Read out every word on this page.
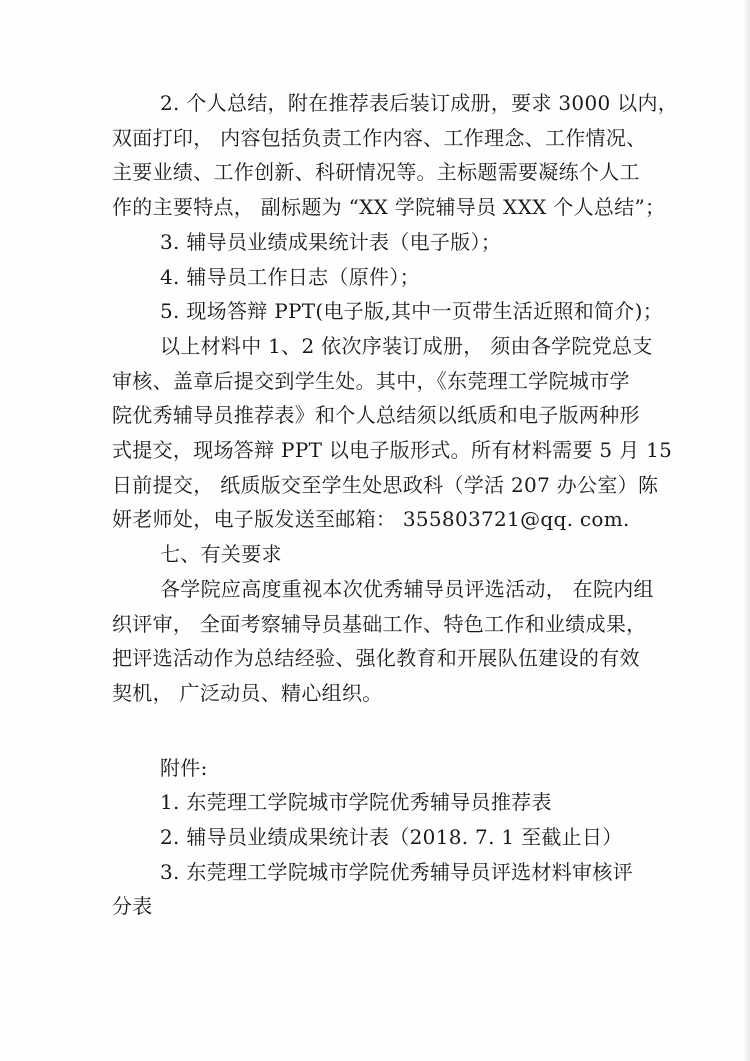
2. 个人总结，附在推荐表后装订成册，要求 3000 以内，
双面打印， 内容包括负责工作内容、工作理念、工作情况、
主要业绩、工作创新、科研情况等。主标题需要凝练个人工
作的主要特点， 副标题为 “XX 学院辅导员 XXX 个人总结”；
3. 辅导员业绩成果统计表（电子版）；
4. 辅导员工作日志（原件）；
5. 现场答辩 PPT(电子版,其中一页带生活近照和简介)；
以上材料中 1、2 依次序装订成册， 须由各学院党总支
审核、盖章后提交到学生处。其中，《东莞理工学院城市学
院优秀辅导员推荐表》和个人总结须以纸质和电子版两种形
式提交，现场答辩 PPT 以电子版形式。所有材料需要 5 月 15
日前提交， 纸质版交至学生处思政科（学活 207 办公室）陈
妍老师处，电子版发送至邮箱： 355803721@qq. com.
七、有关要求
各学院应高度重视本次优秀辅导员评选活动， 在院内组
织评审， 全面考察辅导员基础工作、特色工作和业绩成果，
把评选活动作为总结经验、强化教育和开展队伍建设的有效
契机， 广泛动员、精心组织。
附件:
1. 东莞理工学院城市学院优秀辅导员推荐表
2. 辅导员业绩成果统计表（2018. 7. 1 至截止日）
3. 东莞理工学院城市学院优秀辅导员评选材料审核评
分表
